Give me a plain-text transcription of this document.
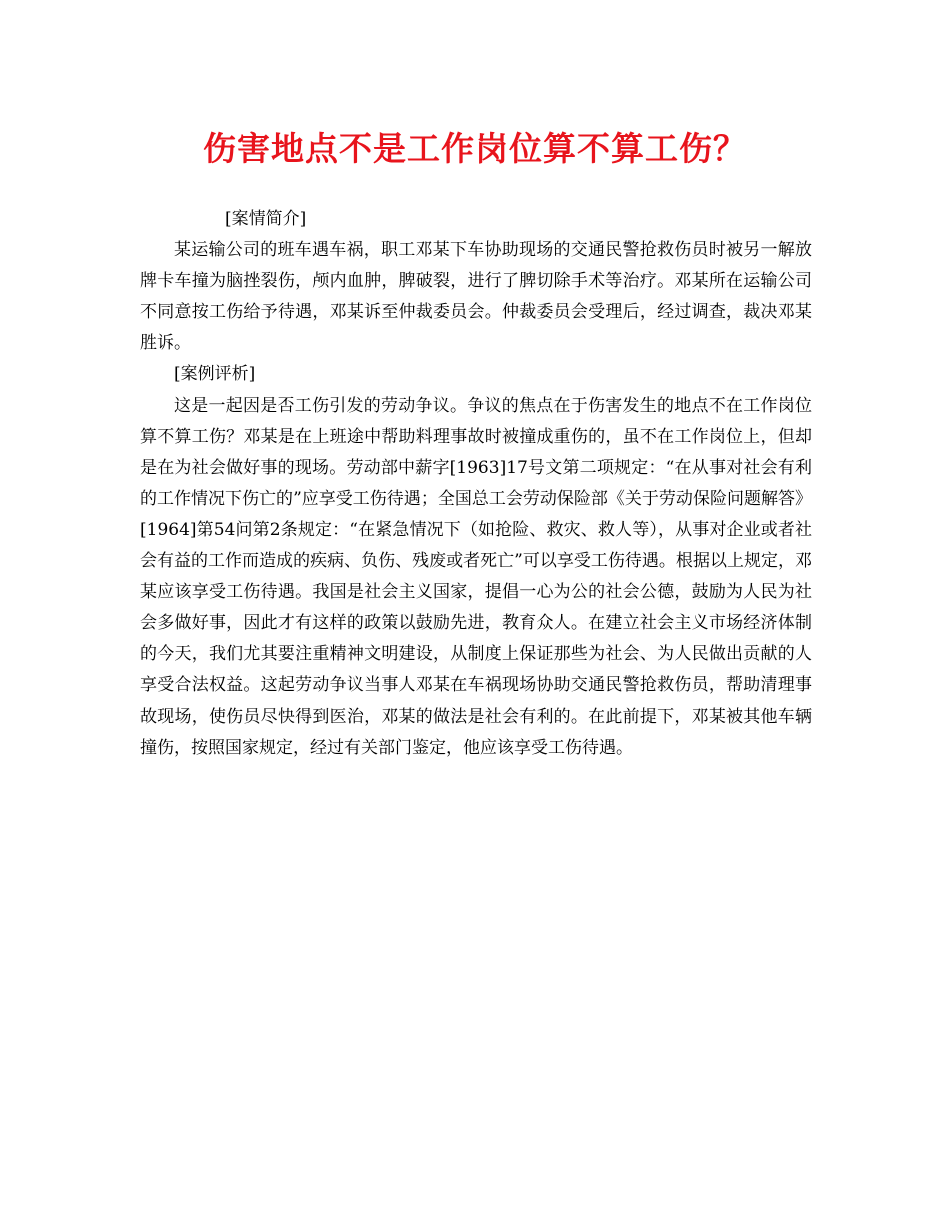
伤害地点不是工作岗位算不算工伤？

[案情简介]

某运输公司的班车遇车祸，职工邓某下车协助现场的交通民警抢救伤员时被另一解放牌卡车撞为脑挫裂伤，颅内血肿，脾破裂，进行了脾切除手术等治疗。邓某所在运输公司不同意按工伤给予待遇，邓某诉至仲裁委员会。仲裁委员会受理后，经过调查，裁决邓某胜诉。

[案例评析]

这是一起因是否工伤引发的劳动争议。争议的焦点在于伤害发生的地点不在工作岗位算不算工伤？邓某是在上班途中帮助料理事故时被撞成重伤的，虽不在工作岗位上，但却是在为社会做好事的现场。劳动部中薪字[1963]17号文第二项规定：“在从事对社会有利的工作情况下伤亡的”应享受工伤待遇；全国总工会劳动保险部《关于劳动保险问题解答》[1964]第54问第2条规定：“在紧急情况下（如抢险、救灾、救人等），从事对企业或者社会有益的工作而造成的疾病、负伤、残废或者死亡”可以享受工伤待遇。根据以上规定，邓某应该享受工伤待遇。我国是社会主义国家，提倡一心为公的社会公德，鼓励为人民为社会多做好事，因此才有这样的政策以鼓励先进，教育众人。在建立社会主义市场经济体制的今天，我们尤其要注重精神文明建设，从制度上保证那些为社会、为人民做出贡献的人享受合法权益。这起劳动争议当事人邓某在车祸现场协助交通民警抢救伤员，帮助清理事故现场，使伤员尽快得到医治，邓某的做法是社会有利的。在此前提下，邓某被其他车辆撞伤，按照国家规定，经过有关部门鉴定，他应该享受工伤待遇。
